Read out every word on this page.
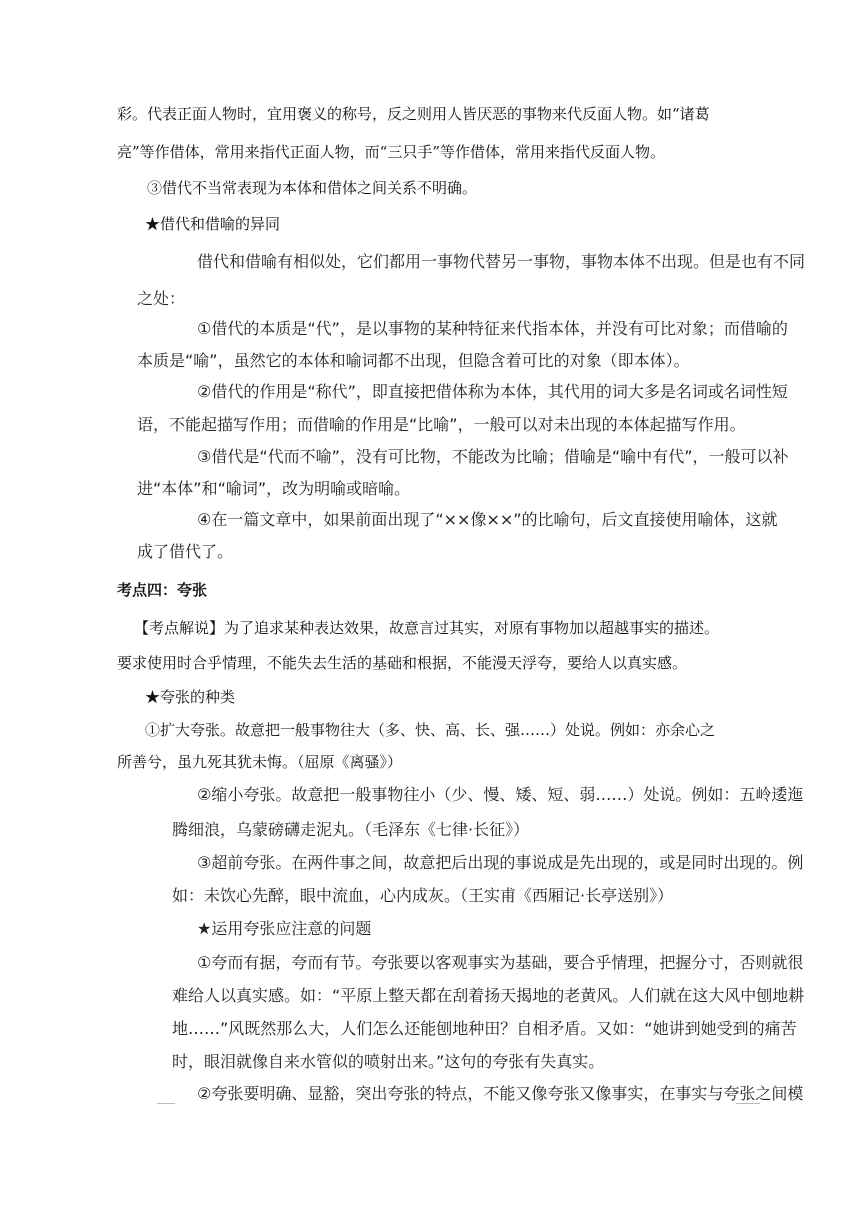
彩。代表正面人物时，宜用褒义的称号，反之则用人皆厌恶的事物来代反面人物。如“诸葛

亮”等作借体，常用来指代正面人物，而“三只手”等作借体，常用来指代反面人物。

③借代不当常表现为本体和借体之间关系不明确。

★借代和借喻的异同

借代和借喻有相似处，它们都用一事物代替另一事物，事物本体不出现。但是也有不同

之处：

①借代的本质是“代”，是以事物的某种特征来代指本体，并没有可比对象；而借喻的

本质是“喻”，虽然它的本体和喻词都不出现，但隐含着可比的对象（即本体）。

②借代的作用是“称代”，即直接把借体称为本体，其代用的词大多是名词或名词性短

语，不能起描写作用；而借喻的作用是“比喻”，一般可以对未出现的本体起描写作用。

③借代是“代而不喻”，没有可比物，不能改为比喻；借喻是“喻中有代”，一般可以补

进“本体”和“喻词”，改为明喻或暗喻。

④在一篇文章中，如果前面出现了“××像××”的比喻句，后文直接使用喻体，这就

成了借代了。

考点四：夸张

【考点解说】为了追求某种表达效果，故意言过其实，对原有事物加以超越事实的描述。

要求使用时合乎情理，不能失去生活的基础和根据，不能漫天浮夸，要给人以真实感。

★夸张的种类

①扩大夸张。故意把一般事物往大（多、快、高、长、强……）处说。例如：亦余心之

所善兮，虽九死其犹未悔。（屈原《离骚》）

②缩小夸张。故意把一般事物往小（少、慢、矮、短、弱……）处说。例如：五岭逶迤

腾细浪，乌蒙磅礴走泥丸。（毛泽东《七律·长征》）

③超前夸张。在两件事之间，故意把后出现的事说成是先出现的，或是同时出现的。例

如：未饮心先醉，眼中流血，心内成灰。（王实甫《西厢记·长亭送别》）

★运用夸张应注意的问题

①夸而有据，夸而有节。夸张要以客观事实为基础，要合乎情理，把握分寸，否则就很

难给人以真实感。如：“平原上整天都在刮着扬天揭地的老黄风。人们就在这大风中刨地耕

地……”风既然那么大，人们怎么还能刨地种田？自相矛盾。又如：“她讲到她受到的痛苦

时，眼泪就像自来水管似的喷射出来。”这句的夸张有失真实。

②夸张要明确、显豁，突出夸张的特点，不能又像夸张又像事实，在事实与夸张之间模
